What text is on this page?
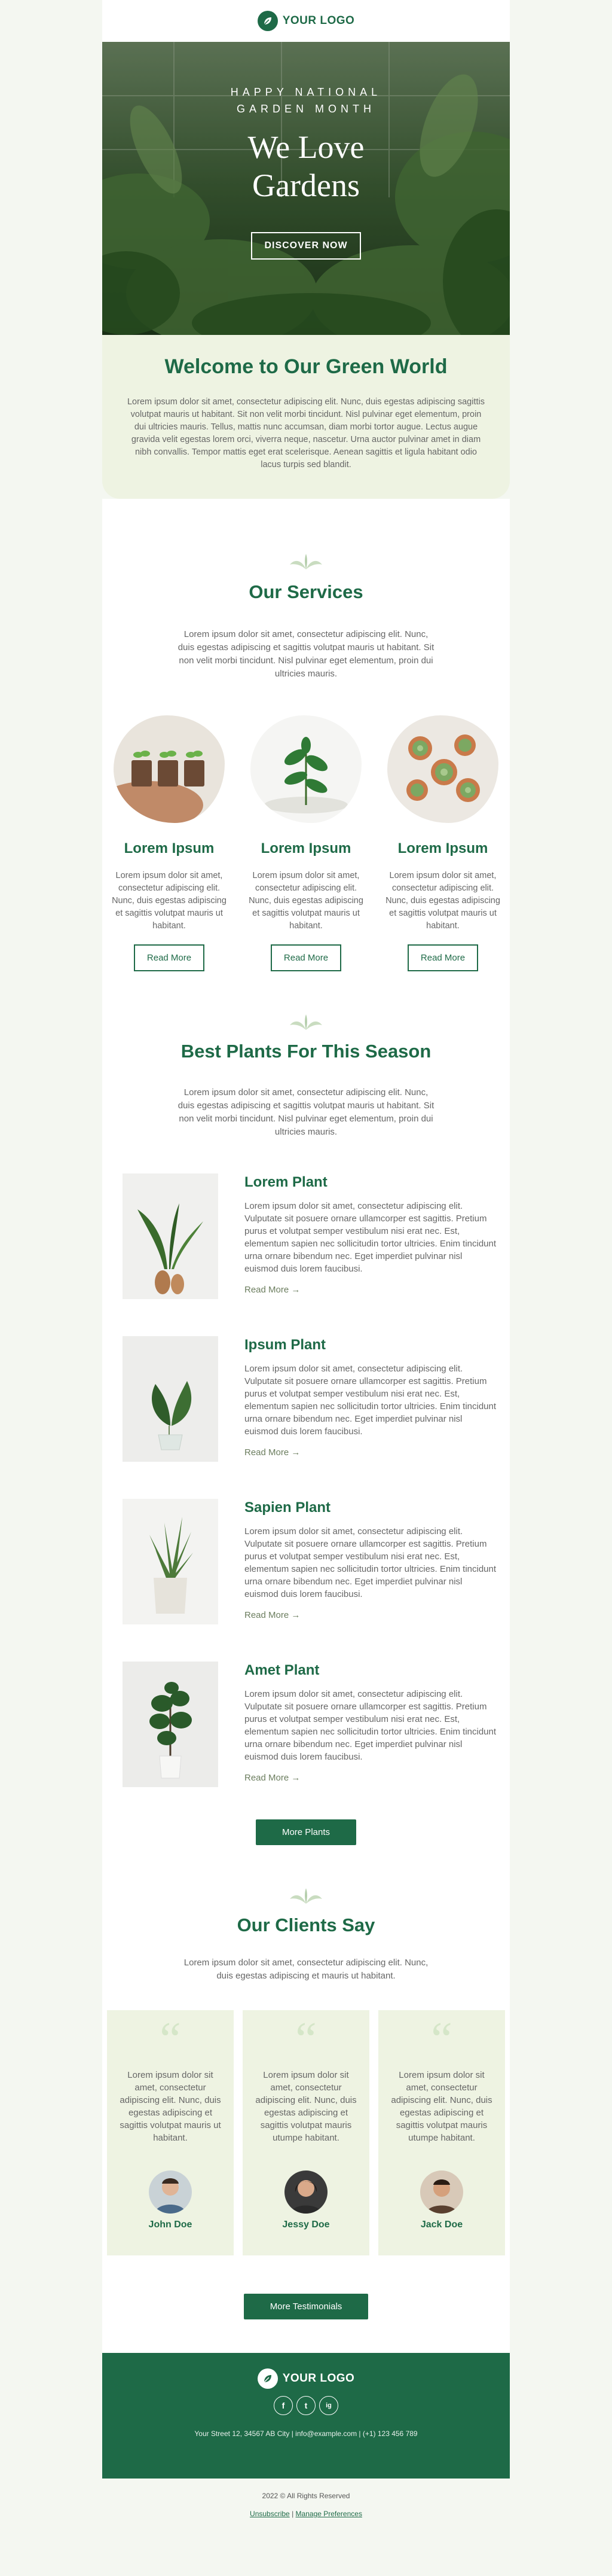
YOUR LOGO
HAPPY NATIONAL GARDEN MONTH
We Love Gardens
DISCOVER NOW
Welcome to Our Green World

Lorem ipsum dolor sit amet, consectetur adipiscing elit. Nunc, duis egestas adipiscing sagittis volutpat mauris ut habitant. Sit non velit morbi tincidunt. Nisl pulvinar eget elementum, proin dui ultricies mauris. Tellus, mattis nunc accumsan, diam morbi tortor augue. Lectus augue gravida velit egestas lorem orci, viverra neque, nascetur. Urna auctor pulvinar amet in diam nibh convallis. Tempor mattis eget erat scelerisque. Aenean sagittis et ligula habitant odio lacus turpis sed blandit.

Our Services

Lorem ipsum dolor sit amet, consectetur adipiscing elit. Nunc, duis egestas adipiscing et sagittis volutpat mauris ut habitant. Sit non velit morbi tincidunt. Nisl pulvinar eget elementum, proin dui ultricies mauris.

Lorem Ipsum

Lorem ipsum dolor sit amet, consectetur adipiscing elit. Nunc, duis egestas adipiscing et sagittis volutpat mauris ut habitant.

Read More
Lorem Ipsum

Lorem ipsum dolor sit amet, consectetur adipiscing elit. Nunc, duis egestas adipiscing et sagittis volutpat mauris ut habitant.

Read More
Lorem Ipsum

Lorem ipsum dolor sit amet, consectetur adipiscing elit. Nunc, duis egestas adipiscing et sagittis volutpat mauris ut habitant.

Read More
Best Plants For This Season

Lorem ipsum dolor sit amet, consectetur adipiscing elit. Nunc, duis egestas adipiscing et sagittis volutpat mauris ut habitant. Sit non velit morbi tincidunt. Nisl pulvinar eget elementum, proin dui ultricies mauris.

Lorem Plant

Lorem ipsum dolor sit amet, consectetur adipiscing elit. Vulputate sit posuere ornare ullamcorper est sagittis. Pretium purus et volutpat semper vestibulum nisi erat nec. Est, elementum sapien nec sollicitudin tortor ultricies. Enim tincidunt urna ornare bibendum nec. Eget imperdiet pulvinar nisl euismod duis lorem faucibusi.

Read More →
Ipsum Plant

Lorem ipsum dolor sit amet, consectetur adipiscing elit. Vulputate sit posuere ornare ullamcorper est sagittis. Pretium purus et volutpat semper vestibulum nisi erat nec. Est, elementum sapien nec sollicitudin tortor ultricies. Enim tincidunt urna ornare bibendum nec. Eget imperdiet pulvinar nisl euismod duis lorem faucibusi.

Read More →
Sapien Plant

Lorem ipsum dolor sit amet, consectetur adipiscing elit. Vulputate sit posuere ornare ullamcorper est sagittis. Pretium purus et volutpat semper vestibulum nisi erat nec. Est, elementum sapien nec sollicitudin tortor ultricies. Enim tincidunt urna ornare bibendum nec. Eget imperdiet pulvinar nisl euismod duis lorem faucibusi.

Read More →
Amet Plant

Lorem ipsum dolor sit amet, consectetur adipiscing elit. Vulputate sit posuere ornare ullamcorper est sagittis. Pretium purus et volutpat semper vestibulum nisi erat nec. Est, elementum sapien nec sollicitudin tortor ultricies. Enim tincidunt urna ornare bibendum nec. Eget imperdiet pulvinar nisl euismod duis lorem faucibusi.

Read More →
More Plants
Our Clients Say

Lorem ipsum dolor sit amet, consectetur adipiscing elit. Nunc, duis egestas adipiscing et mauris ut habitant.

“

Lorem ipsum dolor sit amet, consectetur adipiscing elit. Nunc, duis egestas adipiscing et sagittis volutpat mauris ut habitant.

John Doe
“

Lorem ipsum dolor sit amet, consectetur adipiscing elit. Nunc, duis egestas adipiscing et sagittis volutpat mauris utumpe habitant.

Jessy Doe
“

Lorem ipsum dolor sit amet, consectetur adipiscing elit. Nunc, duis egestas adipiscing et sagittis volutpat mauris utumpe habitant.

Jack Doe
More Testimonials
YOUR LOGO
f	t	ig
Your Street 12, 34567 AB City | info@example.com | (+1) 123 456 789
2022 © All Rights Reserved
Unsubscribe | Manage Preferences
